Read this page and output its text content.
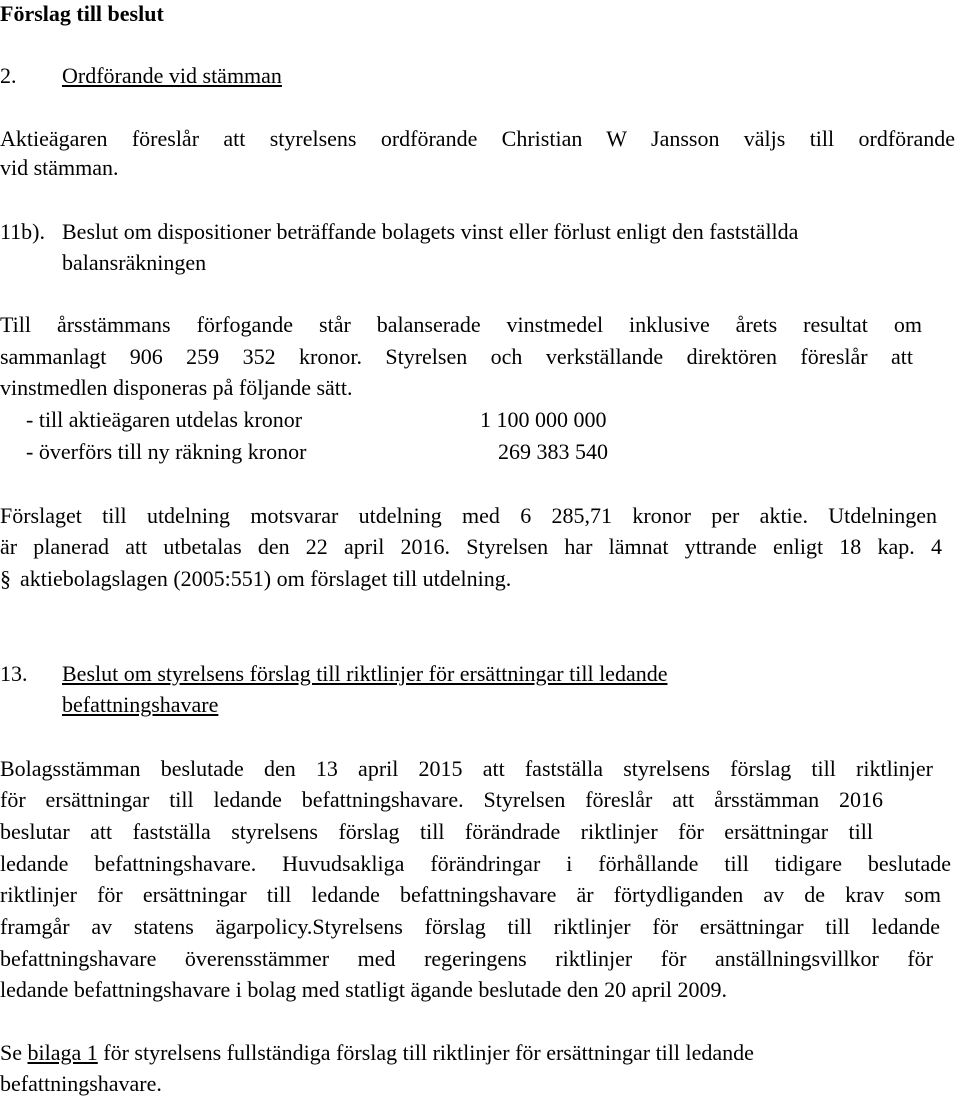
Förslag till beslut
2. Ordförande vid stämman
Aktieägaren föreslår att styrelsens ordförande Christian W Jansson väljs till ordförande
vid stämman.
11b). Beslut om dispositioner beträffande bolagets vinst eller förlust enligt den fastställda
balansräkningen
Till årsstämmans förfogande står balanserade vinstmedel inklusive årets resultat om
sammanlagt 906 259 352 kronor. Styrelsen och verkställande direktören föreslår att
vinstmedlen disponeras på följande sätt.
- till aktieägaren utdelas kronor	1 100 000 000
- överförs till ny räkning kronor	269 383 540
Förslaget till utdelning motsvarar utdelning med 6 285,71 kronor per aktie. Utdelningen
är planerad att utbetalas den 22 april 2016. Styrelsen har lämnat yttrande enligt 18 kap. 4
§ aktiebolagslagen (2005:551) om förslaget till utdelning.
13. Beslut om styrelsens förslag till riktlinjer för ersättningar till ledande
befattningshavare
Bolagsstämman beslutade den 13 april 2015 att fastställa styrelsens förslag till riktlinjer
för ersättningar till ledande befattningshavare. Styrelsen föreslår att årsstämman 2016
beslutar att fastställa styrelsens förslag till förändrade riktlinjer för ersättningar till
ledande befattningshavare. Huvudsakliga förändringar i förhållande till tidigare beslutade
riktlinjer för ersättningar till ledande befattningshavare är förtydliganden av de krav som
framgår av statens ägarpolicy.Styrelsens förslag till riktlinjer för ersättningar till ledande
befattningshavare överensstämmer med regeringens riktlinjer för anställningsvillkor för
ledande befattningshavare i bolag med statligt ägande beslutade den 20 april 2009.
Se bilaga 1 för styrelsens fullständiga förslag till riktlinjer för ersättningar till ledande
befattningshavare.
